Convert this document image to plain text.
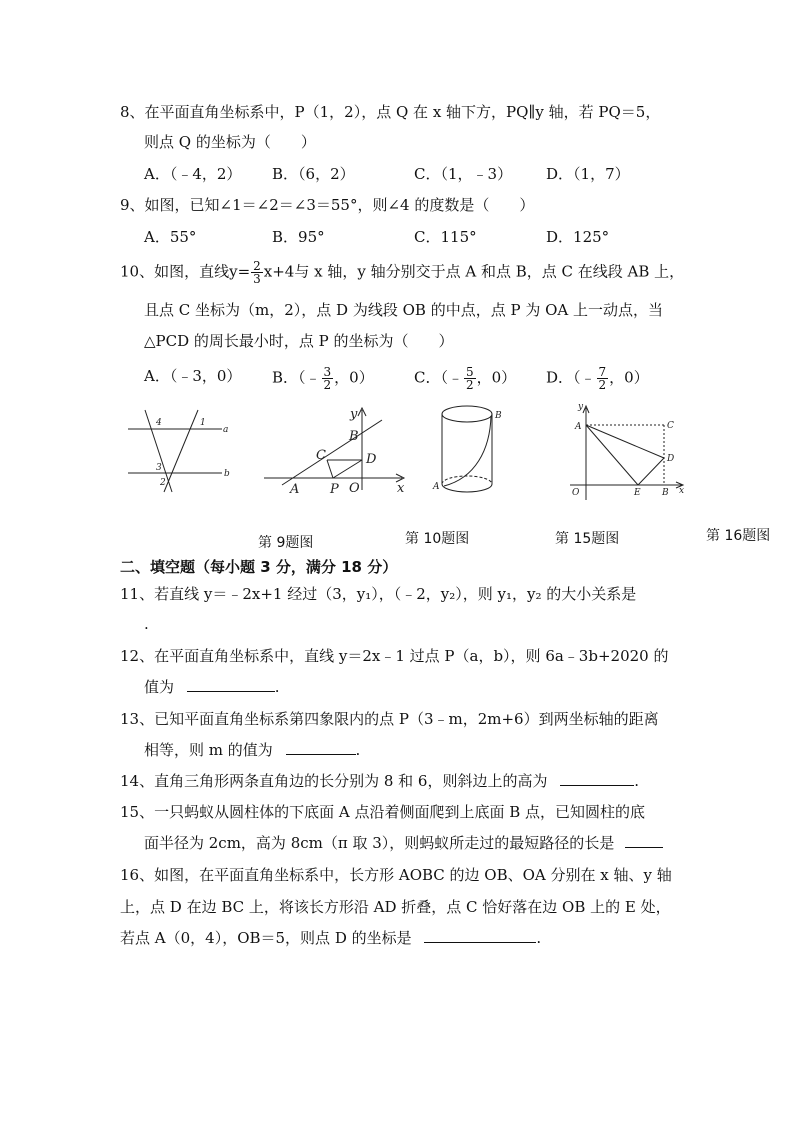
8、在平面直角坐标系中，P（1，2），点 Q 在 x 轴下方，PQ∥y 轴，若 PQ＝5，
则点 Q 的坐标为（　　）
A．（﹣4，2） B．（6，2）	C．（1，﹣3） D．（1，7）
9、如图，已知∠1＝∠2＝∠3＝55°，则∠4 的度数是（　　）
A．55°	B．95°	C．115°	D．125°
10、如图，直线$y= \frac{2}{3} x+4$与 x 轴，y 轴分别交于点 A 和点 B，点 C 在线段 AB 上，
且点 C 坐标为（m，2），点 D 为线段 OB 的中点，点 P 为 OA 上一动点，当
△PCD 的周长最小时，点 P 的坐标为（　　）
A．（﹣3，0） B．（﹣ $\frac{3}{2}$ ，0）	C．（﹣ $\frac{5}{2}$ ，0） D．（﹣ $\frac{7}{2}$ ，0）
4	1
a
3
2
b
y
B
C	D
A P O	x
B
A
y
A	C
D
O	E B x
第 9题图	第 10题图	第 15题图	第 16题图
二、填空题（每小题 3 分，满分 18 分）
11、若直线 y＝﹣2x+1 经过（3，y₁），（﹣2，y₂），则 y₁，y₂ 的大小关系是
.
12、在平面直角坐标系中，直线 y＝2x﹣1 过点 P（a，b），则 6a﹣3b+2020 的
值为	.
13、已知平面直角坐标系第四象限内的点 P（3﹣m，2m+6）到两坐标轴的距离
相等，则 m 的值为	.
14、直角三角形两条直角边的长分别为 8 和 6，则斜边上的高为	.
15、一只蚂蚁从圆柱体的下底面 A 点沿着侧面爬到上底面 B 点，已知圆柱的底
面半径为 2cm，高为 8cm（π 取 3），则蚂蚁所走过的最短路径的长是
16、如图，在平面直角坐标系中，长方形 AOBC 的边 OB、OA 分别在 x 轴、y 轴
上，点 D 在边 BC 上，将该长方形沿 AD 折叠，点 C 恰好落在边 OB 上的 E 处，
若点 A（0，4），OB＝5，则点 D 的坐标是	.
